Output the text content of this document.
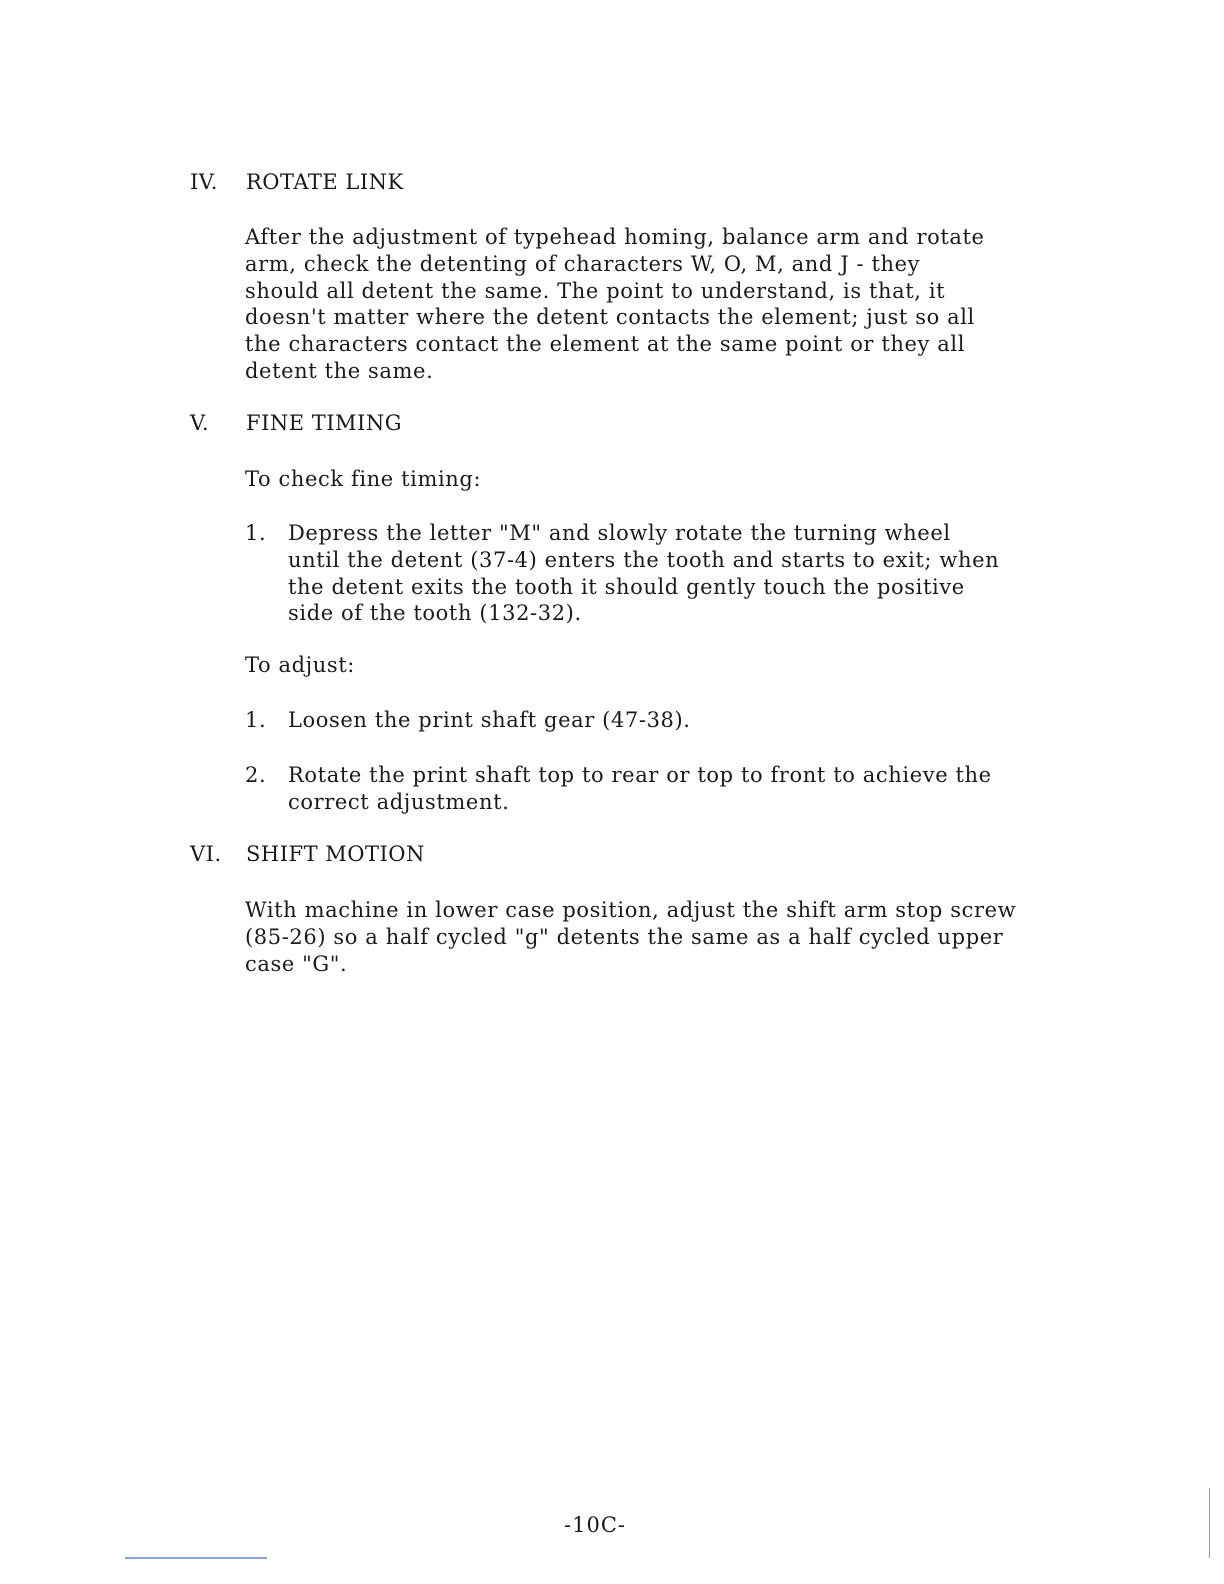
IV. ROTATE LINK

After the adjustment of typehead homing, balance arm and rotate
arm, check the detenting of characters W, O, M, and J - they
should all detent the same. The point to understand, is that, it
doesn't matter where the detent contacts the element; just so all
the characters contact the element at the same point or they all
detent the same.

V. FINE TIMING

To check fine timing:

1. Depress the letter "M" and slowly rotate the turning wheel
until the detent (37-4) enters the tooth and starts to exit; when
the detent exits the tooth it should gently touch the positive
side of the tooth (132-32).

To adjust:

1. Loosen the print shaft gear (47-38).
2. Rotate the print shaft top to rear or top to front to achieve the
correct adjustment.
VI. SHIFT MOTION

With machine in lower case position, adjust the shift arm stop screw
(85-26) so a half cycled "g" detents the same as a half cycled upper
case "G".

-10C-
